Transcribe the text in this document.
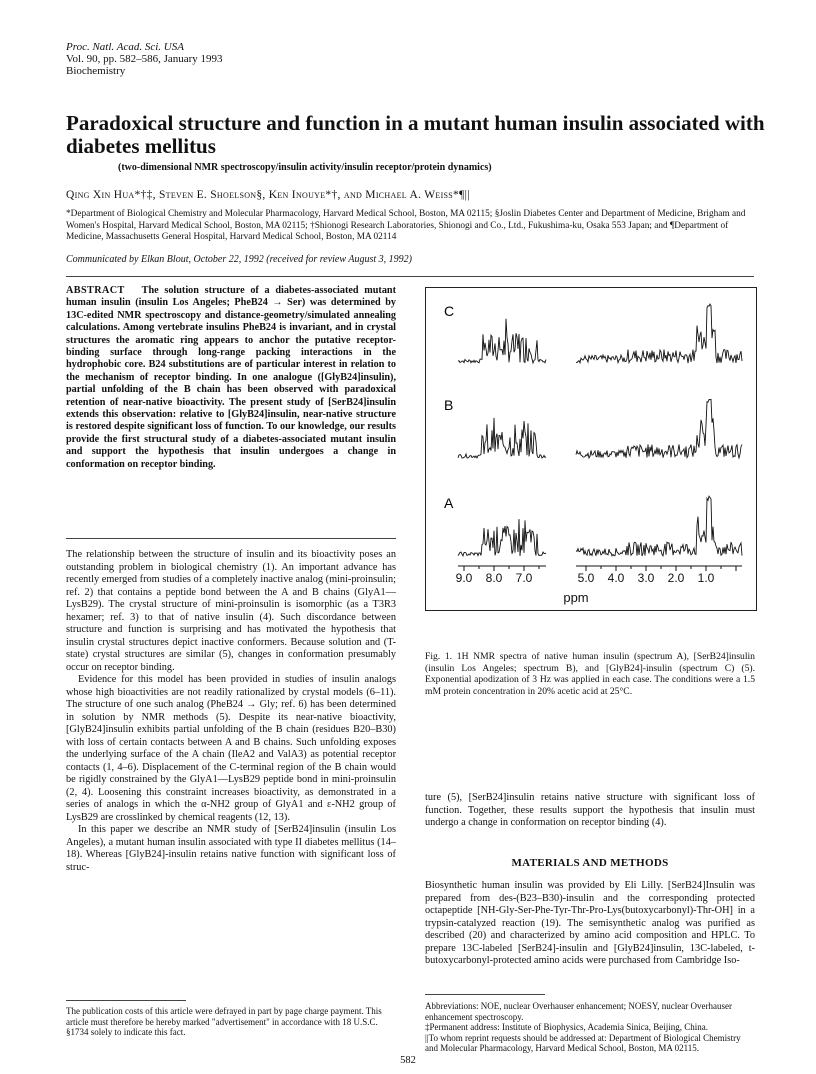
Proc. Natl. Acad. Sci. USA
Vol. 90, pp. 582–586, January 1993
Biochemistry
Paradoxical structure and function in a mutant human insulin associated with diabetes mellitus
(two-dimensional NMR spectroscopy/insulin activity/insulin receptor/protein dynamics)
Qing Xin Hua*†‡, Steven E. Shoelson§, Ken Inouye*†, and Michael A. Weiss*¶||
*Department of Biological Chemistry and Molecular Pharmacology, Harvard Medical School, Boston, MA 02115; §Joslin Diabetes Center and Department of Medicine, Brigham and Women's Hospital, Harvard Medical School, Boston, MA 02115; †Shionogi Research Laboratories, Shionogi and Co., Ltd., Fukushima-ku, Osaka 553 Japan; and ¶Department of Medicine, Massachusetts General Hospital, Harvard Medical School, Boston, MA 02114
Communicated by Elkan Blout, October 22, 1992 (received for review August 3, 1992)
ABSTRACT The solution structure of a diabetes-associated mutant human insulin (insulin Los Angeles; PheB24 → Ser) was determined by 13C-edited NMR spectroscopy and distance-geometry/simulated annealing calculations. Among vertebrate insulins PheB24 is invariant, and in crystal structures the aromatic ring appears to anchor the putative receptor-binding surface through long-range packing interactions in the hydrophobic core. B24 substitutions are of particular interest in relation to the mechanism of receptor binding. In one analogue ([GlyB24]insulin), partial unfolding of the B chain has been observed with paradoxical retention of near-native bioactivity. The present study of [SerB24]insulin extends this observation: relative to [GlyB24]insulin, near-native structure is restored despite significant loss of function. To our knowledge, our results provide the first structural study of a diabetes-associated mutant insulin and support the hypothesis that insulin undergoes a change in conformation on receptor binding.

The relationship between the structure of insulin and its bioactivity poses an outstanding problem in biological chemistry (1). An important advance has recently emerged from studies of a completely inactive analog (mini-proinsulin; ref. 2) that contains a peptide bond between the A and B chains (GlyA1—LysB29). The crystal structure of mini-proinsulin is isomorphic (as a T3R3 hexamer; ref. 3) to that of native insulin (4). Such discordance between structure and function is surprising and has motivated the hypothesis that insulin crystal structures depict inactive conformers. Because solution and (T-state) crystal structures are similar (5), changes in conformation presumably occur on receptor binding.

Evidence for this model has been provided in studies of insulin analogs whose high bioactivities are not readily rationalized by crystal models (6–11). The structure of one such analog (PheB24 → Gly; ref. 6) has been determined in solution by NMR methods (5). Despite its near-native bioactivity, [GlyB24]insulin exhibits partial unfolding of the B chain (residues B20–B30) with loss of certain contacts between A and B chains. Such unfolding exposes the underlying surface of the A chain (IleA2 and ValA3) as potential receptor contacts (1, 4–6). Displacement of the C-terminal region of the B chain would be rigidly constrained by the GlyA1—LysB29 peptide bond in mini-proinsulin (2, 4). Loosening this constraint increases bioactivity, as demonstrated in a series of analogs in which the α-NH2 group of GlyA1 and ε-NH2 group of LysB29 are crosslinked by chemical reagents (12, 13).

In this paper we describe an NMR study of [SerB24]insulin (insulin Los Angeles), a mutant human insulin associated with type II diabetes mellitus (14–18). Whereas [GlyB24]-insulin retains native function with significant loss of struc-

The publication costs of this article were defrayed in part by page charge payment. This article must therefore be hereby marked "advertisement" in accordance with 18 U.S.C. §1734 solely to indicate this fact.
C
B
A
9.0 8.0 7.0	5.0 4.0 3.0 2.0 1.0
ppm
Fig. 1. 1H NMR spectra of native human insulin (spectrum A), [SerB24]insulin (insulin Los Angeles; spectrum B), and [GlyB24]-insulin (spectrum C) (5). Exponential apodization of 3 Hz was applied in each case. The conditions were a 1.5 mM protein concentration in 20% acetic acid at 25°C.

ture (5), [SerB24]insulin retains native structure with significant loss of function. Together, these results support the hypothesis that insulin must undergo a change in conformation on receptor binding (4).

MATERIALS AND METHODS

Biosynthetic human insulin was provided by Eli Lilly. [SerB24]Insulin was prepared from des-(B23–B30)-insulin and the corresponding protected octapeptide [NH-Gly-Ser-Phe-Tyr-Thr-Pro-Lys(butoxycarbonyl)-Thr-OH] in a trypsin-catalyzed reaction (19). The semisynthetic analog was purified as described (20) and characterized by amino acid composition and HPLC. To prepare 13C-labeled [SerB24]-insulin and [GlyB24]insulin, 13C-labeled, t-butoxycarbonyl-protected amino acids were purchased from Cambridge Iso-

Abbreviations: NOE, nuclear Overhauser enhancement; NOESY, nuclear Overhauser enhancement spectroscopy.

‡Permanent address: Institute of Biophysics, Academia Sinica, Beijing, China.

||To whom reprint requests should be addressed at: Department of Biological Chemistry and Molecular Pharmacology, Harvard Medical School, Boston, MA 02115.

582
